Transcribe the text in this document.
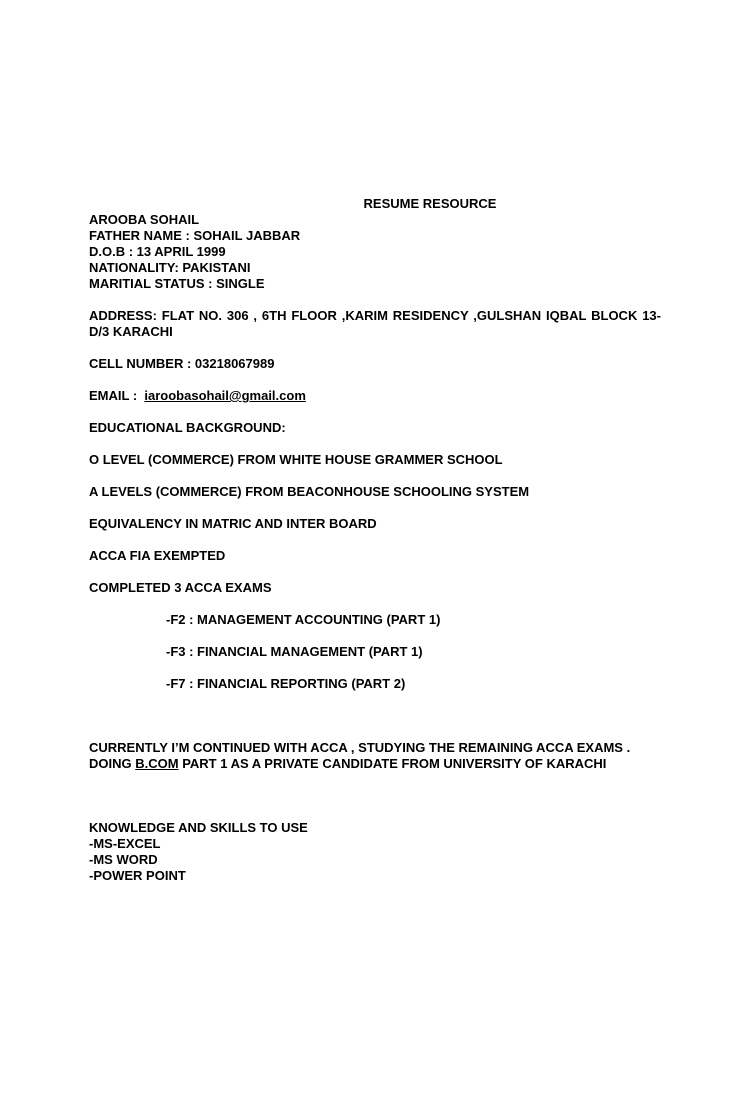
RESUME RESOURCE

AROOBA SOHAIL

FATHER NAME : SOHAIL JABBAR

D.O.B : 13 APRIL 1999

NATIONALITY: PAKISTANI

MARITIAL STATUS : SINGLE

ADDRESS: FLAT NO. 306 , 6TH FLOOR ,KARIM RESIDENCY ,GULSHAN IQBAL BLOCK 13-D/3 KARACHI

CELL NUMBER : 03218067989

EMAIL : iaroobasohail@gmail.com

EDUCATIONAL BACKGROUND:

O LEVEL (COMMERCE) FROM WHITE HOUSE GRAMMER SCHOOL

A LEVELS (COMMERCE) FROM BEACONHOUSE SCHOOLING SYSTEM

EQUIVALENCY IN MATRIC AND INTER BOARD

ACCA FIA EXEMPTED

COMPLETED 3 ACCA EXAMS

-F2 : MANAGEMENT ACCOUNTING (PART 1)

-F3 : FINANCIAL MANAGEMENT (PART 1)

-F7 : FINANCIAL REPORTING (PART 2)

CURRENTLY I’M CONTINUED WITH ACCA , STUDYING THE REMAINING ACCA EXAMS .

DOING B.COM PART 1 AS A PRIVATE CANDIDATE FROM UNIVERSITY OF KARACHI

KNOWLEDGE AND SKILLS TO USE

-MS-EXCEL

-MS WORD

-POWER POINT
